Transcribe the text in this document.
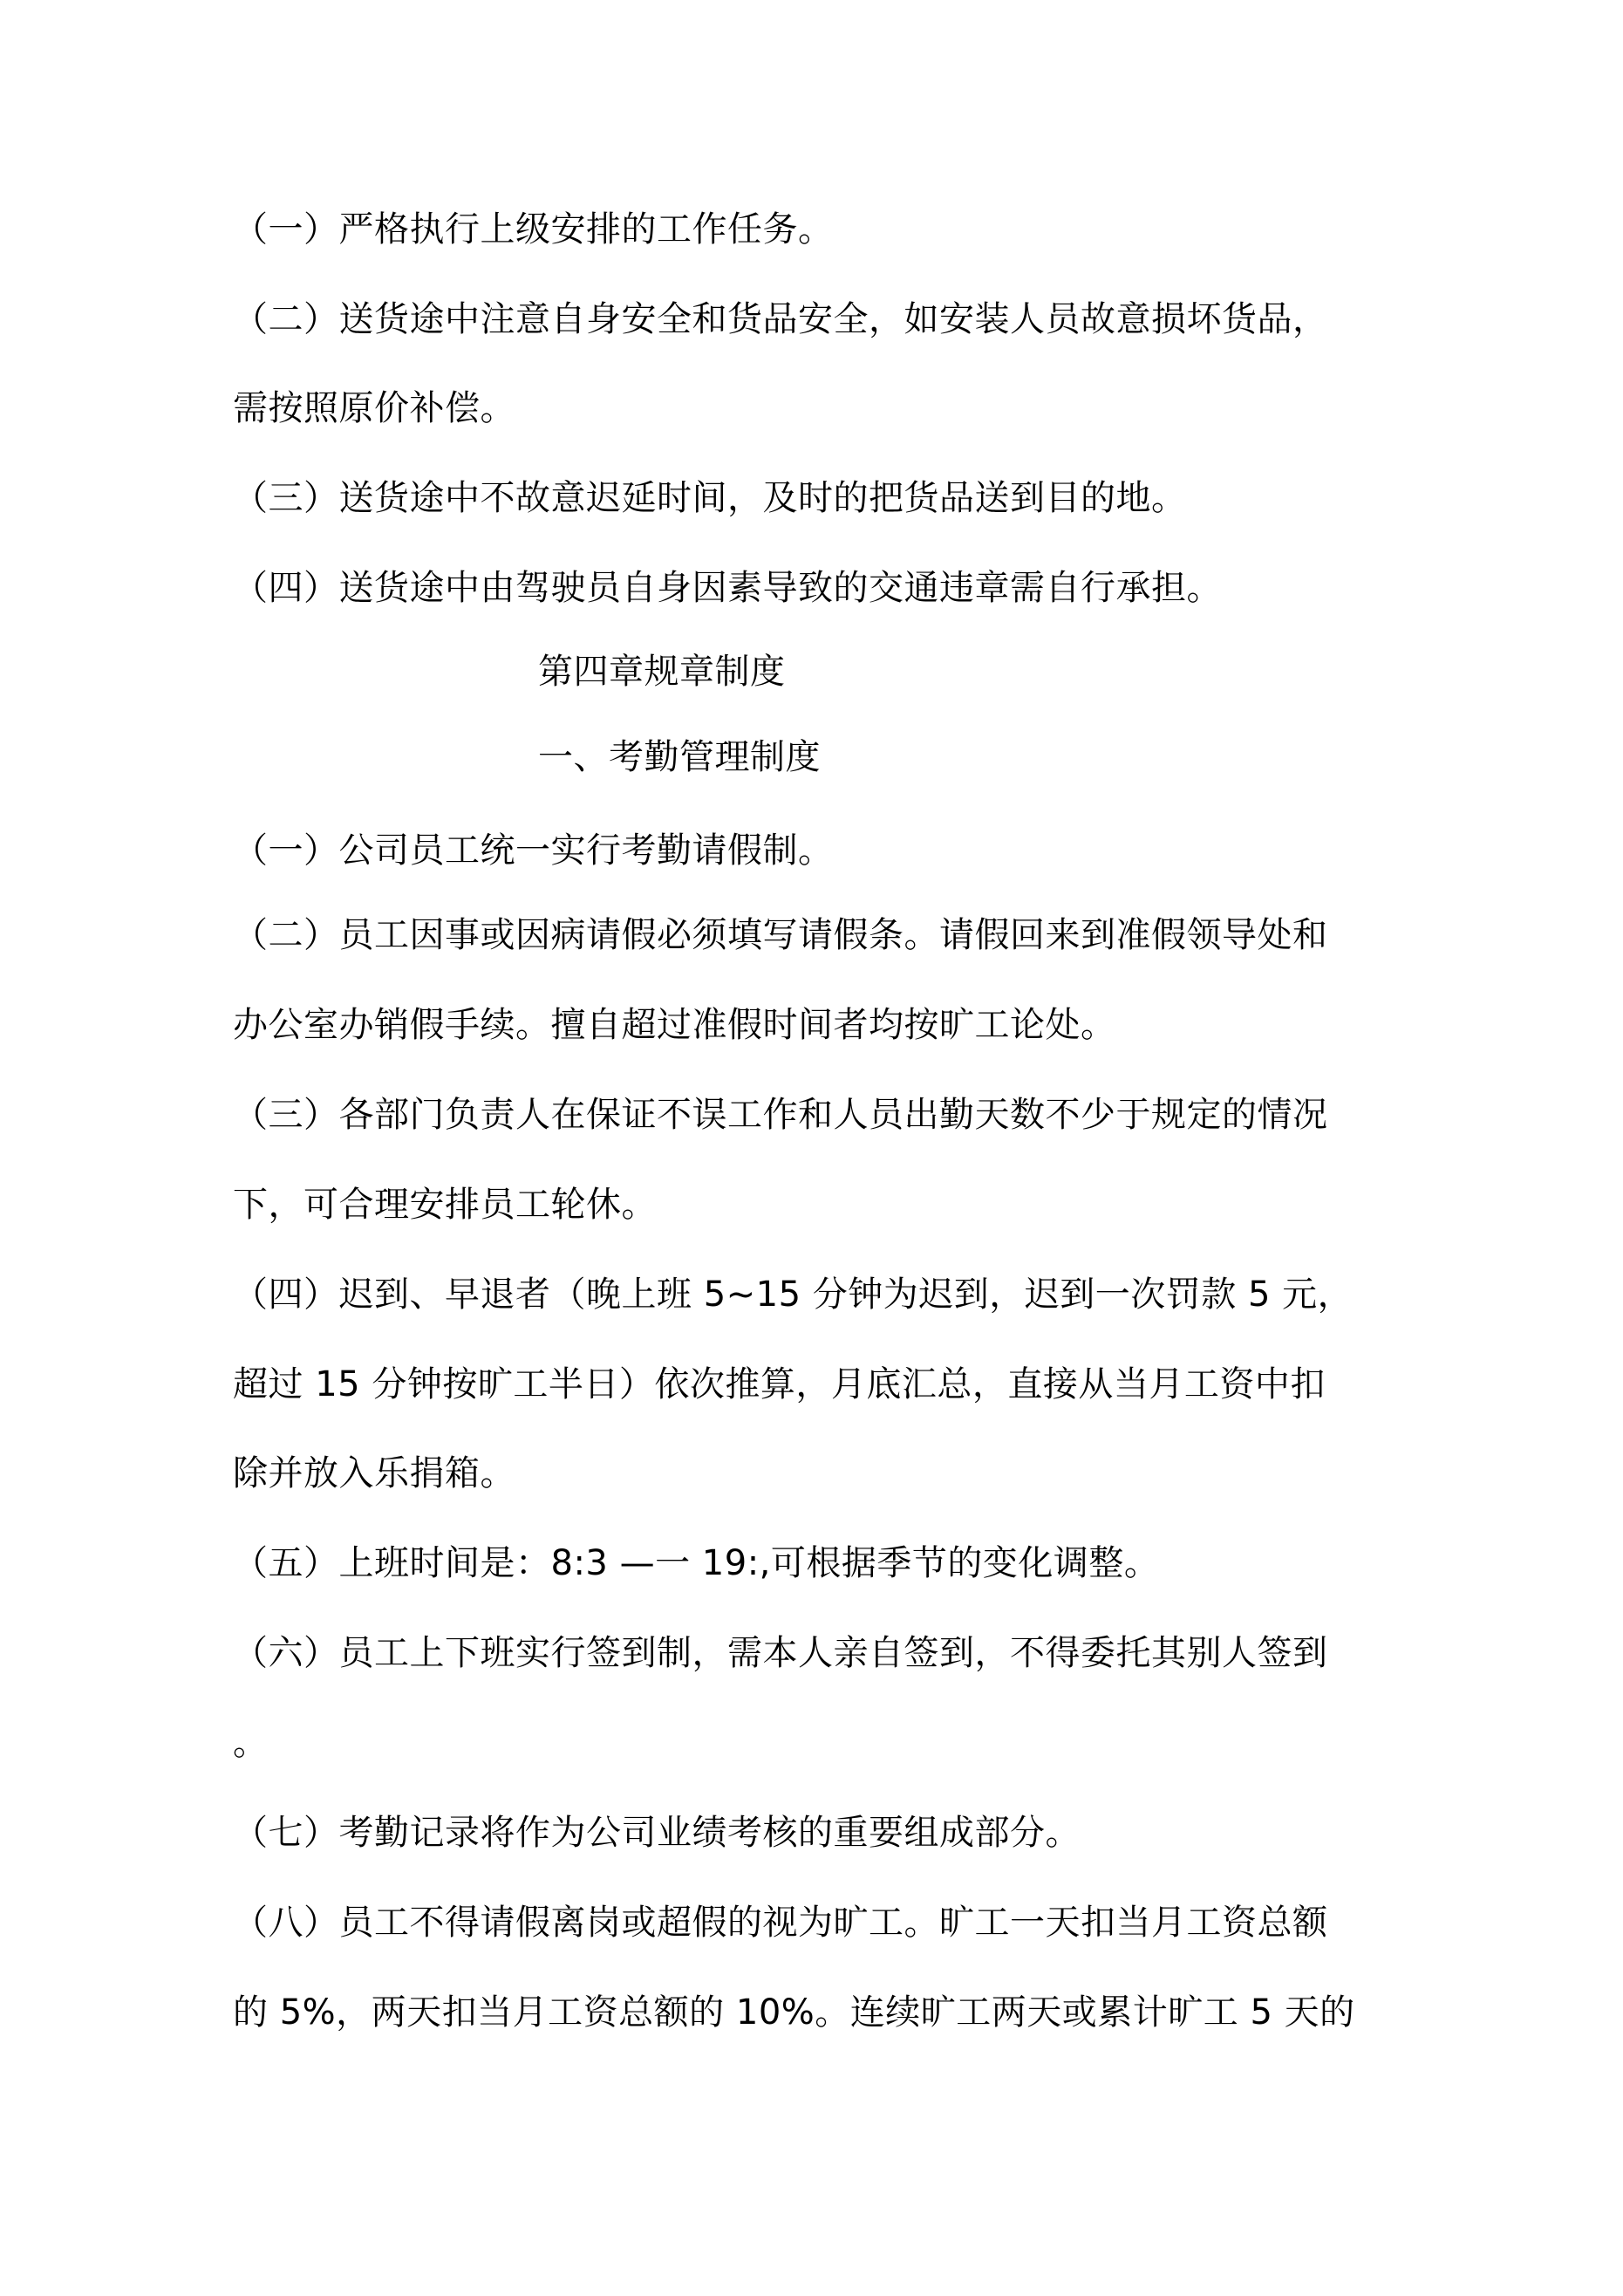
（一）严格执行上级安排的工作任务。
（二）送货途中注意自身安全和货品安全，如安装人员故意损坏货品，
需按照原价补偿。
（三）送货途中不故意迟延时间，及时的把货品送到目的地。
（四）送货途中由驾驶员自身因素导致的交通违章需自行承担。
第四章规章制度
一、考勤管理制度
（一）公司员工统一实行考勤请假制。
（二）员工因事或因病请假必须填写请假条。请假回来到准假领导处和
办公室办销假手续。擅自超过准假时间者均按旷工论处。
（三）各部门负责人在保证不误工作和人员出勤天数不少于规定的情况
下，可合理安排员工轮休。
（四）迟到、早退者（晚上班 5~15 分钟为迟到，迟到一次罚款 5 元，
超过 15 分钟按旷工半日）依次推算，月底汇总，直接从当月工资中扣
除并放入乐捐箱。
（五）上班时间是：8:3 —一 19:,可根据季节的变化调整。
（六）员工上下班实行签到制，需本人亲自签到，不得委托其别人签到
。
（七）考勤记录将作为公司业绩考核的重要组成部分。
（八）员工不得请假离岗或超假的视为旷工。旷工一天扣当月工资总额
的 5%，两天扣当月工资总额的 10%。连续旷工两天或累计旷工 5 天的
